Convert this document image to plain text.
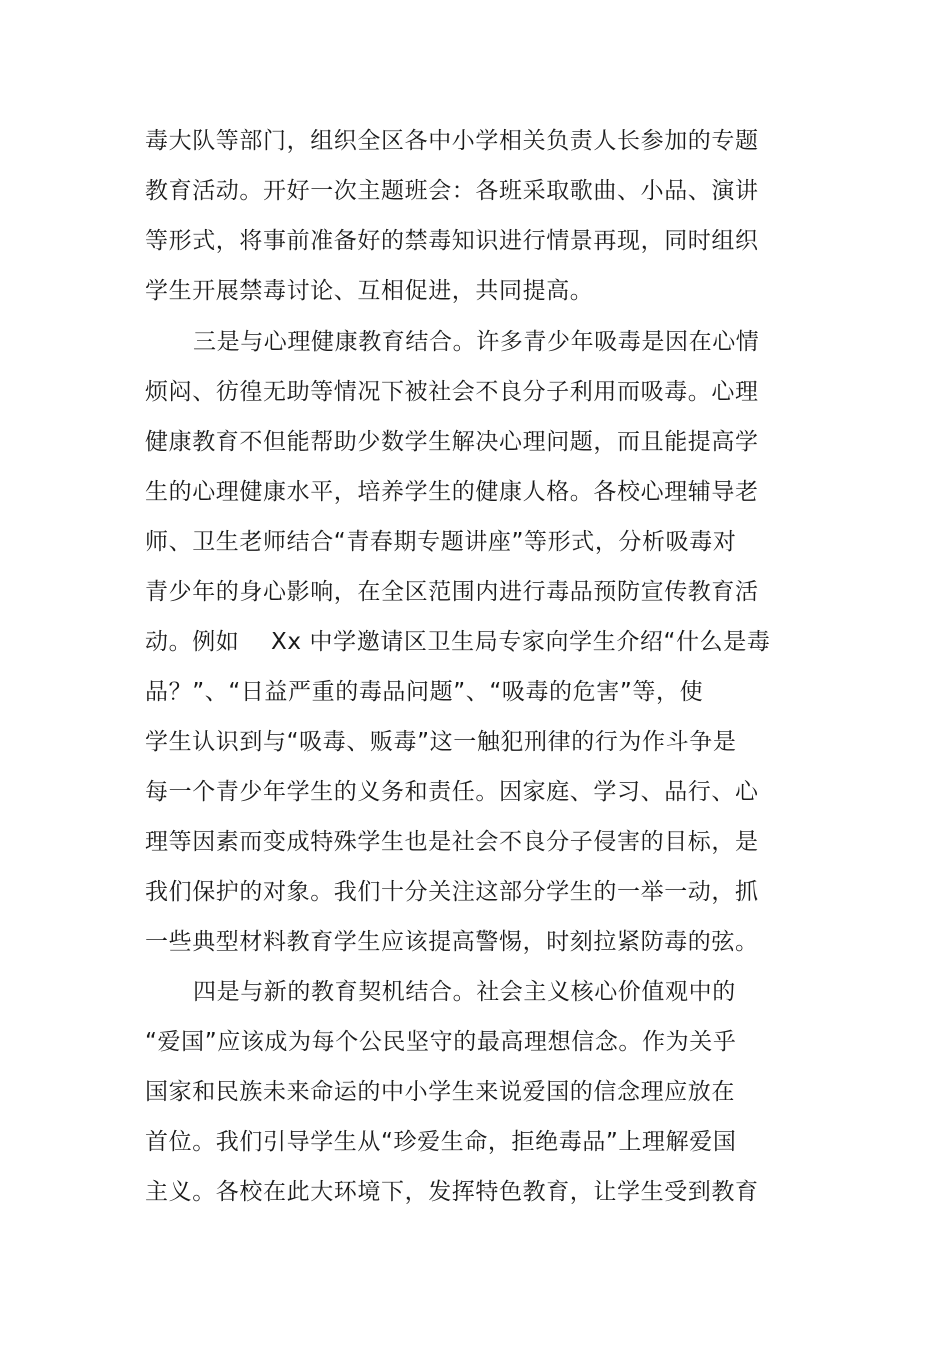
毒大队等部门，组织全区各中小学相关负责人长参加的专题
教育活动。开好一次主题班会：各班采取歌曲、小品、演讲
等形式，将事前准备好的禁毒知识进行情景再现，同时组织
学生开展禁毒讨论、互相促进，共同提高。
三是与心理健康教育结合。许多青少年吸毒是因在心情
烦闷、彷徨无助等情况下被社会不良分子利用而吸毒。心理
健康教育不但能帮助少数学生解决心理问题，而且能提高学
生的心理健康水平，培养学生的健康人格。各校心理辅导老
师、卫生老师结合“青春期专题讲座”等形式，分析吸毒对
青少年的身心影响，在全区范围内进行毒品预防宣传教育活
动。例如    Xx 中学邀请区卫生局专家向学生介绍“什么是毒
品？”、“日益严重的毒品问题”、“吸毒的危害”等，使
学生认识到与“吸毒、贩毒”这一触犯刑律的行为作斗争是
每一个青少年学生的义务和责任。因家庭、学习、品行、心
理等因素而变成特殊学生也是社会不良分子侵害的目标，是
我们保护的对象。我们十分关注这部分学生的一举一动，抓
一些典型材料教育学生应该提高警惕，时刻拉紧防毒的弦。
四是与新的教育契机结合。社会主义核心价值观中的
“爱国”应该成为每个公民坚守的最高理想信念。作为关乎
国家和民族未来命运的中小学生来说爱国的信念理应放在
首位。我们引导学生从“珍爱生命，拒绝毒品”上理解爱国
主义。各校在此大环境下，发挥特色教育，让学生受到教育
